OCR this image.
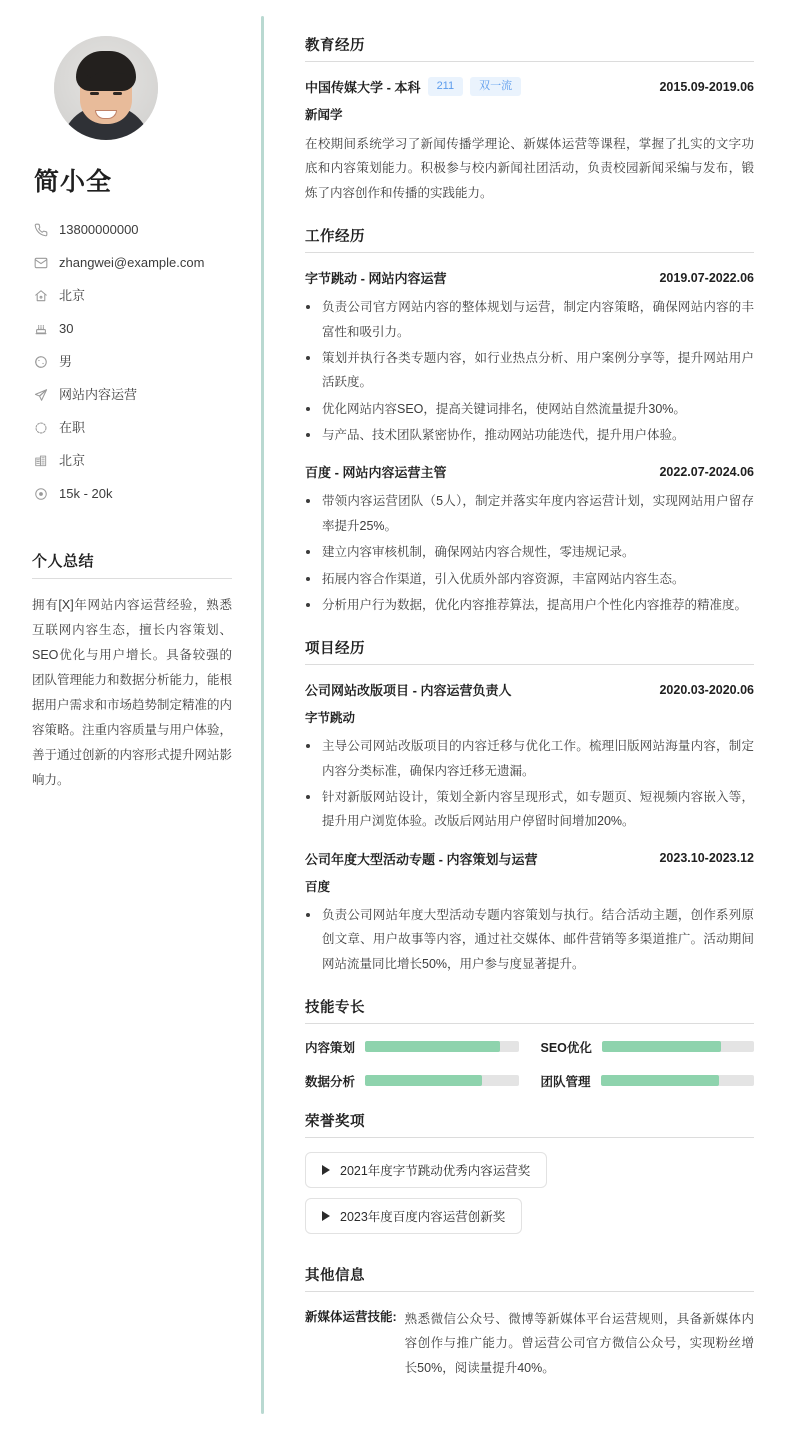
简小全
13800000000
zhangwei@example.com
北京
30
男
网站内容运营
在职
北京
15k - 20k
个人总结

拥有[X]年网站内容运营经验，熟悉互联网内容生态，擅长内容策划、SEO优化与用户增长。具备较强的团队管理能力和数据分析能力，能根据用户需求和市场趋势制定精准的内容策略。注重内容质量与用户体验，善于通过创新的内容形式提升网站影响力。

教育经历
中国传媒大学 - 本科	211	双一流	2015.09-2019.06
新闻学

在校期间系统学习了新闻传播学理论、新媒体运营等课程，掌握了扎实的文字功底和内容策划能力。积极参与校内新闻社团活动，负责校园新闻采编与发布，锻炼了内容创作和传播的实践能力。

工作经历
字节跳动 - 网站内容运营	2019.07-2022.06
负责公司官方网站内容的整体规划与运营，制定内容策略，确保网站内容的丰富性和吸引力。
策划并执行各类专题内容，如行业热点分析、用户案例分享等，提升网站用户活跃度。
优化网站内容SEO，提高关键词排名，使网站自然流量提升30%。
与产品、技术团队紧密协作，推动网站功能迭代，提升用户体验。
百度 - 网站内容运营主管	2022.07-2024.06
带领内容运营团队（5人），制定并落实年度内容运营计划，实现网站用户留存率提升25%。
建立内容审核机制，确保网站内容合规性，零违规记录。
拓展内容合作渠道，引入优质外部内容资源，丰富网站内容生态。
分析用户行为数据，优化内容推荐算法，提高用户个性化内容推荐的精准度。
项目经历
公司网站改版项目 - 内容运营负责人	2020.03-2020.06
字节跳动
主导公司网站改版项目的内容迁移与优化工作。梳理旧版网站海量内容，制定内容分类标准，确保内容迁移无遗漏。
针对新版网站设计，策划全新内容呈现形式，如专题页、短视频内容嵌入等，提升用户浏览体验。改版后网站用户停留时间增加20%。
公司年度大型活动专题 - 内容策划与运营	2023.10-2023.12
百度
负责公司网站年度大型活动专题内容策划与执行。结合活动主题，创作系列原创文章、用户故事等内容，通过社交媒体、邮件营销等多渠道推广。活动期间网站流量同比增长50%，用户参与度显著提升。
技能专长
内容策划	SEO优化
数据分析	团队管理
荣誉奖项
2021年度字节跳动优秀内容运营奖
2023年度百度内容运营创新奖
其他信息
新媒体运营技能: 熟悉微信公众号、微博等新媒体平台运营规则，具备新媒体内容创作与推广能力。曾运营公司官方微信公众号，实现粉丝增长50%，阅读量提升40%。
